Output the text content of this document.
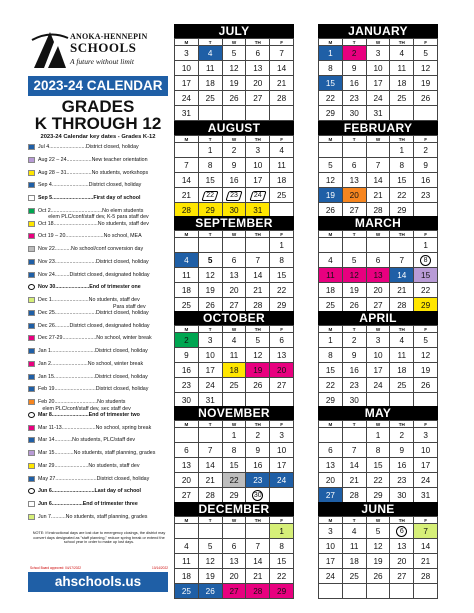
ANOKA-HENNEPIN
SCHOOLS
A future without limit
2023-24 CALENDAR
GRADES
K THROUGH 12
2023-24 Calendar key dates - Grades K-12
Jul 4.........................District closed, holiday
Aug 22 – 24.................New teacher orientation
Aug 28 – 31.................No students, workshops
Sep 4.........................District closed, holiday
Sep 5............................First day of school
Oct 2...................................No elem students
elem PLC/conf/staff dev, K-5 para staff dev
Oct 18..............................No students, staff dev
Oct 19 – 20..........................No school, MEA
Nov 22...........No school/conf conversion day
Nov 23............................District closed, holiday
Nov 24..........District closed, designated holiday
Nov 30.......................End of trimester one
Dec 1.........................No students, staff dev
Para staff dev
Dec 25............................District closed, holiday
Dec 26..........District closed, designated holiday
Dec 27-29.......................No school, winter break
Jan 1..............................District closed, holiday
Jan 2.........................No school, winter break
Jan 15............................District closed, holiday
Feb 19............................District closed, holiday
Feb 20.............................No students
elem PLC/conf/staff dev, sec staff dev
Mar 8.........................End of trimester two
Mar 11-13.......................No school, spring break
Mar 14............No students, PLC/staff dev
Mar 15.............No students, staff planning, grades
Mar 29.......................No students, staff dev
May 27............................District closed, holiday
Jun 6.............................Last day of school
Jun 6.....................End of trimester three
Jun 7..........No students, staff planning, grades
NOTE: If instructional days are lost due to emergency closings, the district may convert days designated as "staff planning," reduce spring break or extend the school year in order to make up lost days.
School Board approved: 04/17/2022	10/14/2022
ahschools.us
JULY
M	T	W	TH	F
3	4	5	6	7
10	11	12	13	14
17	18	19	20	21
24	25	26	27	28
31				
AUGUST
M	T	W	TH	F
	1	2	3	4
7	8	9	10	11
14	15	16	17	18
21	22	23	24	25
28	29	30	31	
SEPTEMBER
M	T	W	TH	F
				1
4	5	6	7	8
11	12	13	14	15
18	19	20	21	22
25	26	27	28	29
OCTOBER
M	T	W	TH	F
2	3	4	5	6
9	10	11	12	13
16	17	18	19	20
23	24	25	26	27
30	31			
NOVEMBER
M	T	W	TH	F
		1	2	3
6	7	8	9	10
13	14	15	16	17
20	21	22	23	24
27	28	29	30	
DECEMBER
M	T	W	TH	F
				1
4	5	6	7	8
11	12	13	14	15
18	19	20	21	22
25	26	27	28	29
JANUARY
M	T	W	TH	F
1	2	3	4	5
8	9	10	11	12
15	16	17	18	19
22	23	24	25	26
29	30	31		
FEBRUARY
M	T	W	TH	F
			1	2
5	6	7	8	9
12	13	14	15	16
19	20	21	22	23
26	27	28	29	
MARCH
M	T	W	TH	F
				1
4	5	6	7	8
11	12	13	14	15
18	19	20	21	22
25	26	27	28	29
APRIL
M	T	W	TH	F
1	2	3	4	5
8	9	10	11	12
15	16	17	18	19
22	23	24	25	26
29	30			
MAY
M	T	W	TH	F
		1	2	3
6	7	8	9	10
13	14	15	16	17
20	21	22	23	24
27	28	29	30	31
JUNE
M	T	W	TH	F
3	4	5	6	7
10	11	12	13	14
17	18	19	20	21
24	25	26	27	28
